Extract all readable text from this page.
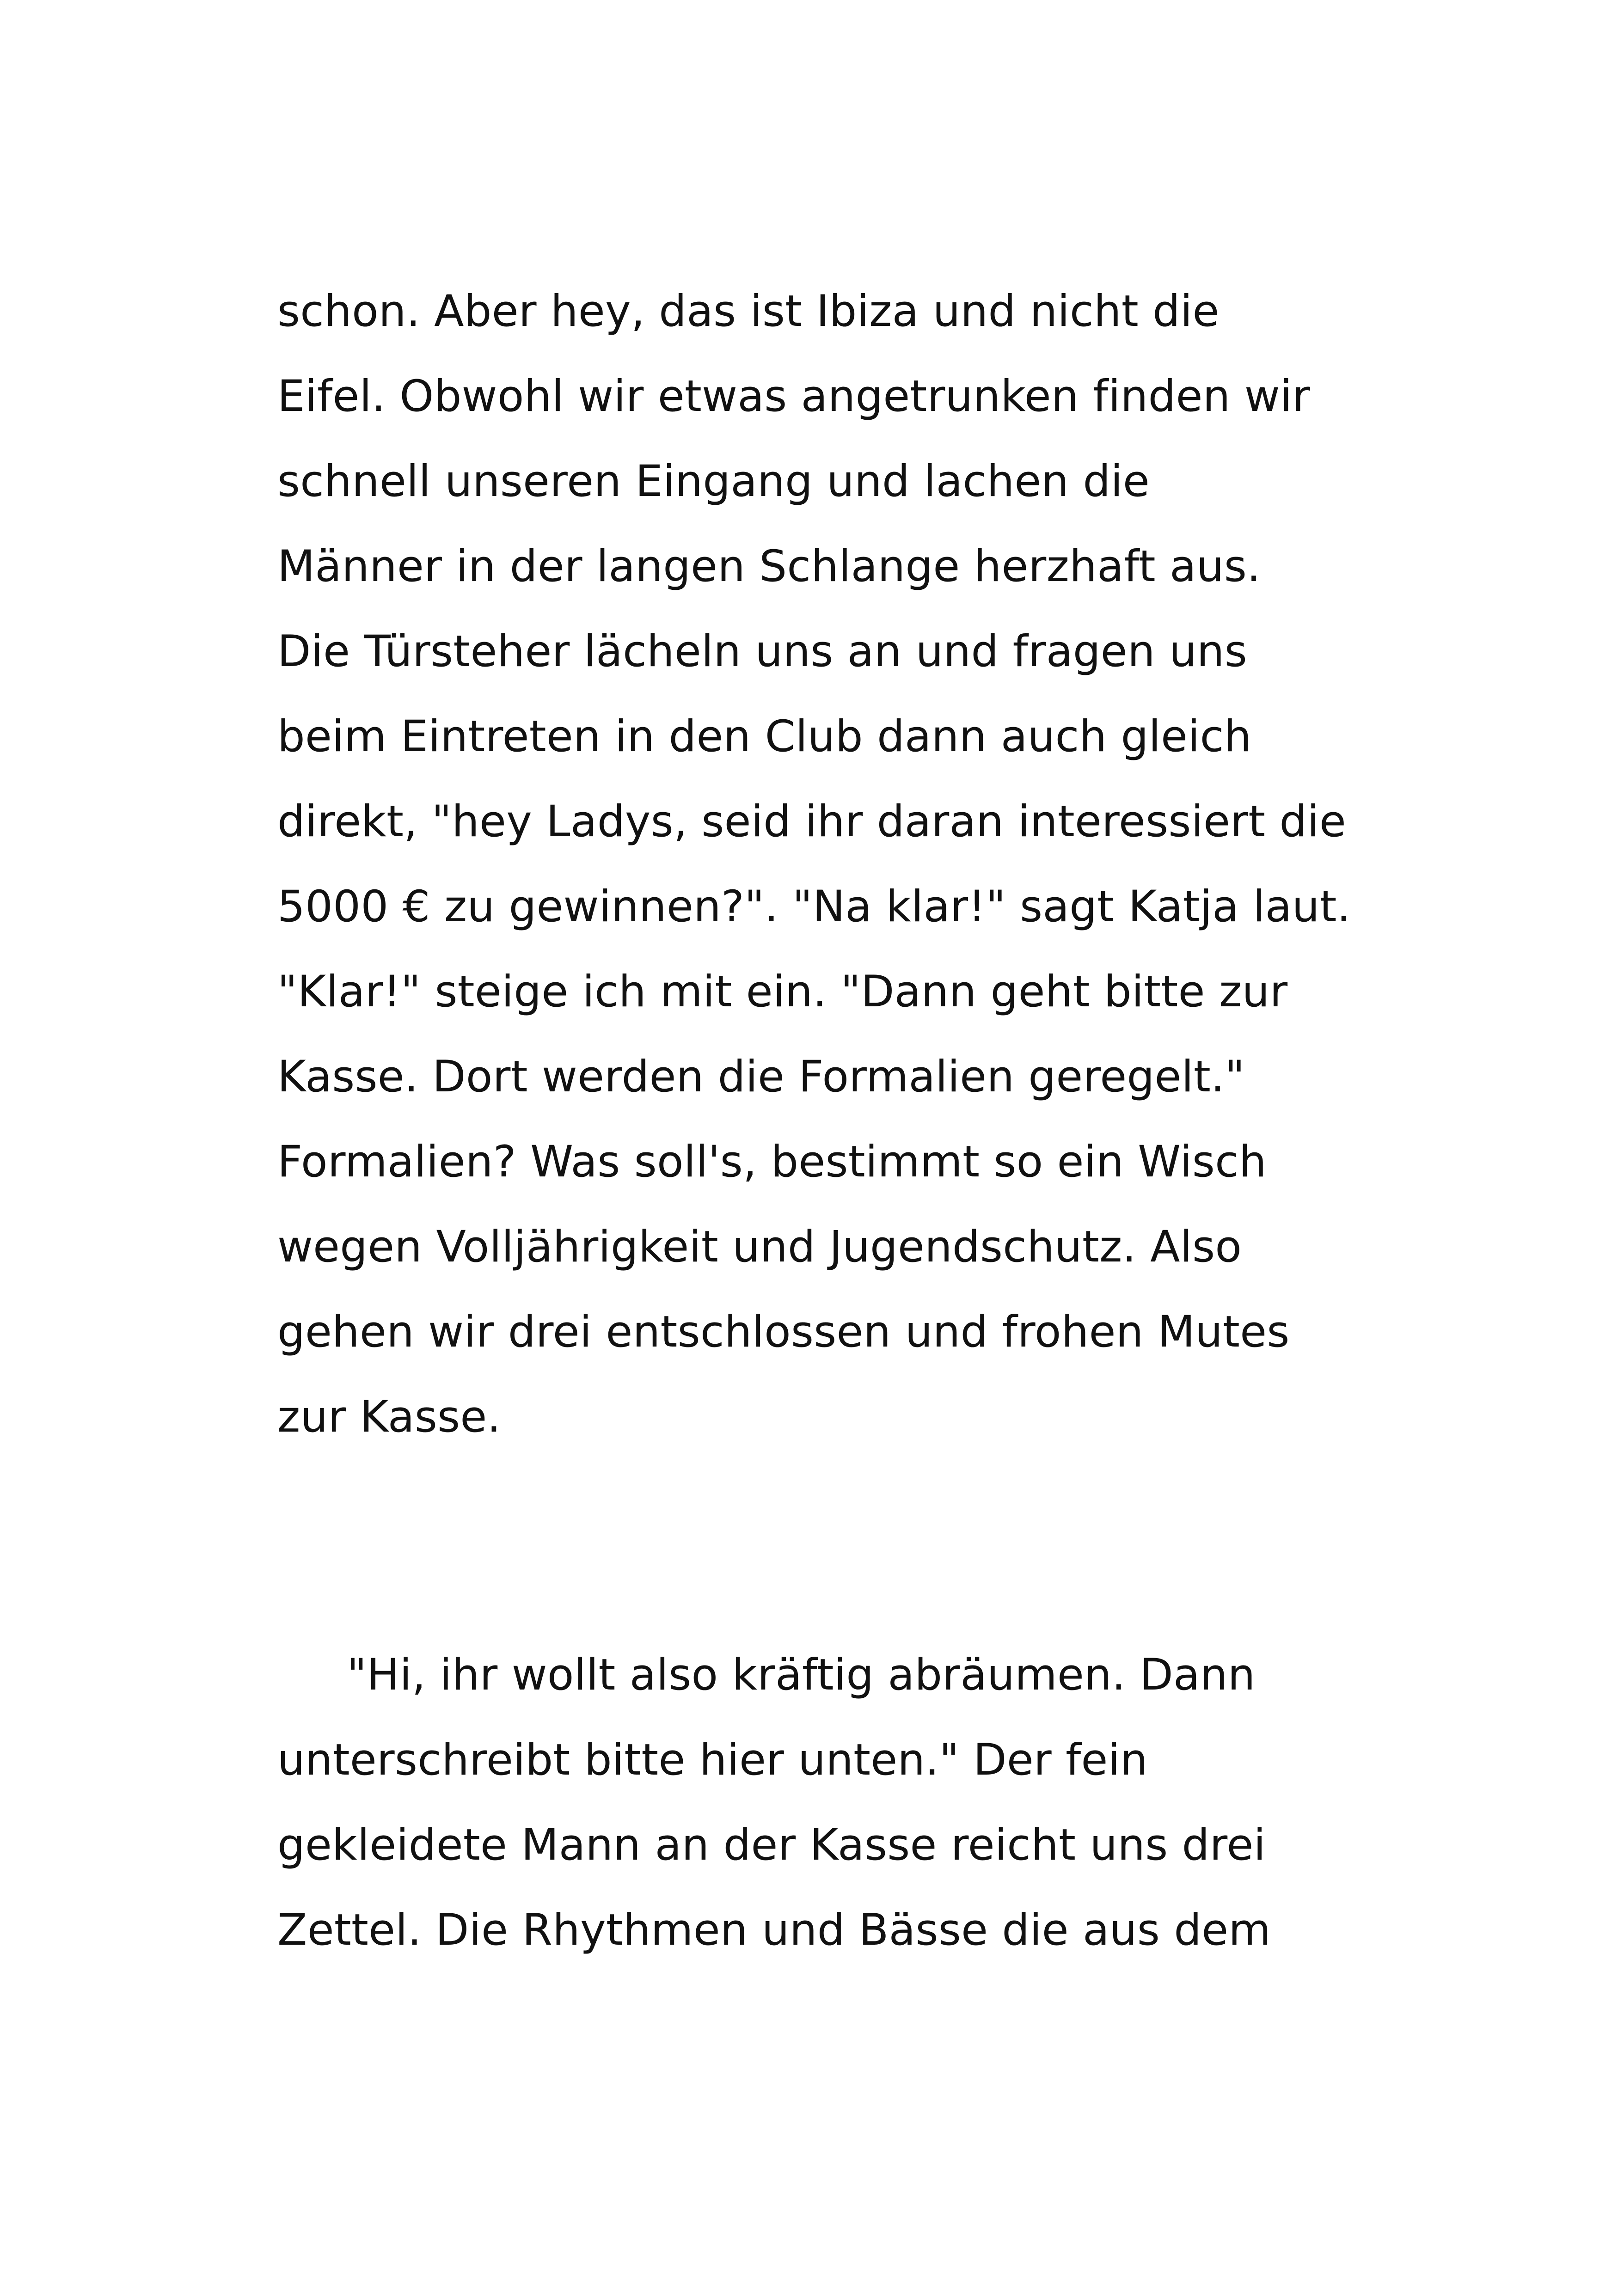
schon. Aber hey, das ist Ibiza und nicht die
Eifel. Obwohl wir etwas angetrunken finden wir
schnell unseren Eingang und lachen die
Männer in der langen Schlange herzhaft aus.
Die Türsteher lächeln uns an und fragen uns
beim Eintreten in den Club dann auch gleich
direkt, "hey Ladys, seid ihr daran interessiert die
5000 € zu gewinnen?". "Na klar!" sagt Katja laut.
"Klar!" steige ich mit ein. "Dann geht bitte zur
Kasse. Dort werden die Formalien geregelt."
Formalien? Was soll's, bestimmt so ein Wisch
wegen Volljährigkeit und Jugendschutz. Also
gehen wir drei entschlossen und frohen Mutes
zur Kasse.
"Hi, ihr wollt also kräftig abräumen. Dann
unterschreibt bitte hier unten." Der fein
gekleidete Mann an der Kasse reicht uns drei
Zettel. Die Rhythmen und Bässe die aus dem
